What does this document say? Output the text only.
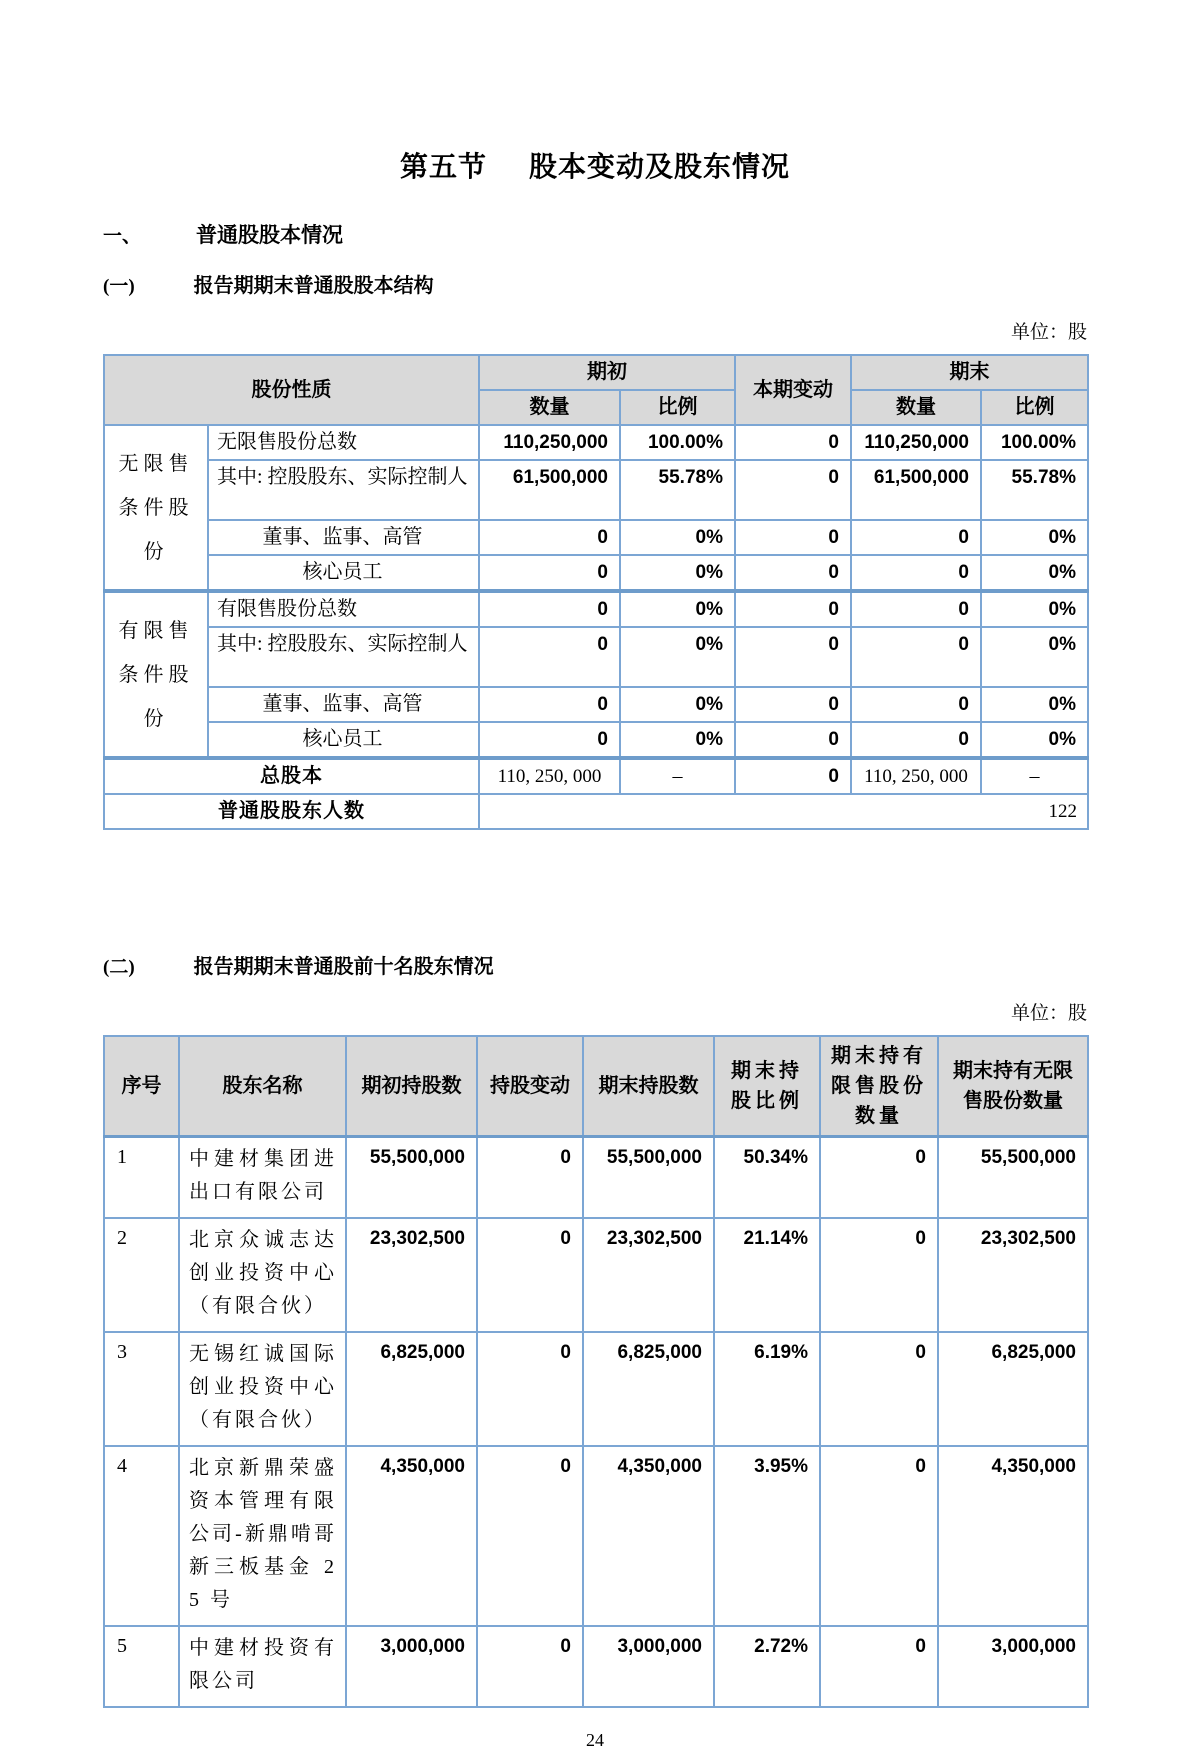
第五节 股本变动及股东情况
一、	普通股股本情况
(一)	报告期期末普通股股本结构
单位：股
股份性质		期初		本期变动	期末	
		数量	比例		数量	比例
无限售条件股份	无限售股份总数	110,250,000	100.00%	0	110,250,000	100.00%
	其中: 控股股东、实际控制人	61,500,000	55.78%	0	61,500,000	55.78%
	董事、监事、高管	0	0%	0	0	0%
	核心员工	0	0%	0	0	0%
有限售条件股份	有限售股份总数	0	0%	0	0	0%
	其中: 控股股东、实际控制人	0	0%	0	0	0%
	董事、监事、高管	0	0%	0	0	0%
	核心员工	0	0%	0	0	0%
总股本		110, 250, 000	–	0	110, 250, 000	–
普通股股东人数		122				
(二)	报告期期末普通股前十名股东情况
单位：股
序号	股东名称	期初持股数	持股变动	期末持股数	期末持股比例	期末持有限售股份数量	期末持有无限售股份数量
1	中建材集团进出口有限公司	55,500,000	0	55,500,000	50.34%	0	55,500,000
2	北京众诚志达创业投资中心（有限合伙）	23,302,500	0	23,302,500	21.14%	0	23,302,500
3	无锡红诚国际创业投资中心（有限合伙）	6,825,000	0	6,825,000	6.19%	0	6,825,000
4	北京新鼎荣盛资本管理有限公司-新鼎啃哥新三板基金 25 号	4,350,000	0	4,350,000	3.95%	0	4,350,000
5	中建材投资有限公司	3,000,000	0	3,000,000	2.72%	0	3,000,000
24
